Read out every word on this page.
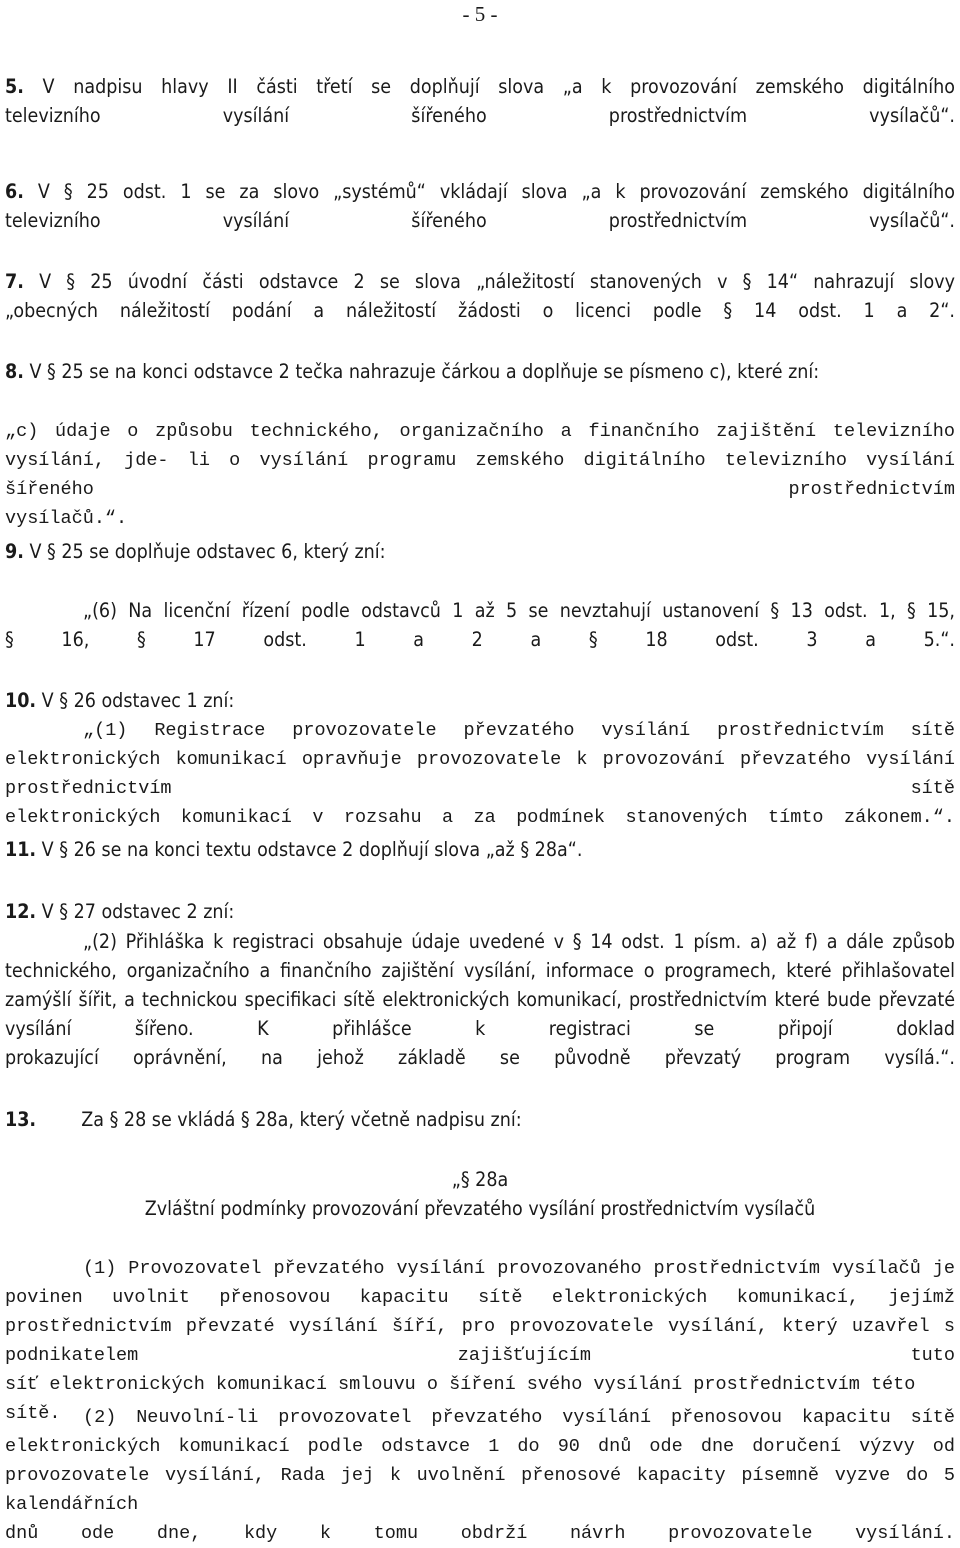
- 5 -
5. V nadpisu hlavy II části třetí se doplňují slova „a k provozování zemského digitálního
televizního vysílání šířeného prostřednictvím vysílačů“.
6. V § 25 odst. 1 se za slovo „systémů“ vkládají slova „a k provozování zemského digitálního
televizního vysílání šířeného prostřednictvím vysílačů“.
7. V § 25 úvodní části odstavce 2 se slova „náležitostí stanovených v § 14“ nahrazují slovy
„obecných náležitostí podání a náležitostí žádosti o licenci podle § 14 odst. 1 a 2“.
8. V § 25 se na konci odstavce 2 tečka nahrazuje čárkou a doplňuje se písmeno c), které zní:
„c) údaje o způsobu technického, organizačního a finančního zajištění televizního vysílání, jde- li o vysílání programu zemského digitálního televizního vysílání šířeného prostřednictvím
vysílačů.“.
9. V § 25 se doplňuje odstavec 6, který zní:
„(6) Na licenční řízení podle odstavců 1 až 5 se nevztahují ustanovení § 13 odst. 1, § 15,
§ 16, § 17 odst. 1 a 2 a § 18 odst. 3 a 5.“.
10. V § 26 odstavec 1 zní:
„(1) Registrace provozovatele převzatého vysílání prostřednictvím sítě elektronických komunikací opravňuje provozovatele k provozování převzatého vysílání prostřednictvím sítě
elektronických komunikací v rozsahu a za podmínek stanovených tímto zákonem.“.
11. V § 26 se na konci textu odstavce 2 doplňují slova „až § 28a“.
12. V § 27 odstavec 2 zní:
„(2) Přihláška k registraci obsahuje údaje uvedené v § 14 odst. 1 písm. a) až f) a dále způsob technického, organizačního a finančního zajištění vysílání, informace o programech, které přihlašovatel zamýšlí šířit, a technickou specifikaci sítě elektronických komunikací, prostřednictvím které bude převzaté vysílání šířeno. K přihlášce k registraci se připojí doklad
prokazující oprávnění, na jehož základě se původně převzatý program vysílá.“.
13. Za § 28 se vkládá § 28a, který včetně nadpisu zní:
„§ 28a
Zvláštní podmínky provozování převzatého vysílání prostřednictvím vysílačů
(1) Provozovatel převzatého vysílání provozovaného prostřednictvím vysílačů je povinen uvolnit přenosovou kapacitu sítě elektronických komunikací, jejímž prostřednictvím převzaté vysílání šíří, pro provozovatele vysílání, který uzavřel s podnikatelem zajišťujícím tuto
síť elektronických komunikací smlouvu o šíření svého vysílání prostřednictvím této sítě.	(2) Neuvolní-li provozovatel převzatého vysílání přenosovou kapacitu sítě elektronických komunikací podle odstavce 1 do 90 dnů ode dne doručení výzvy od provozovatele vysílání, Rada jej k uvolnění přenosové kapacity písemně vyzve do 5 kalendářních
dnů ode dne, kdy k tomu obdrží návrh provozovatele vysílání.
